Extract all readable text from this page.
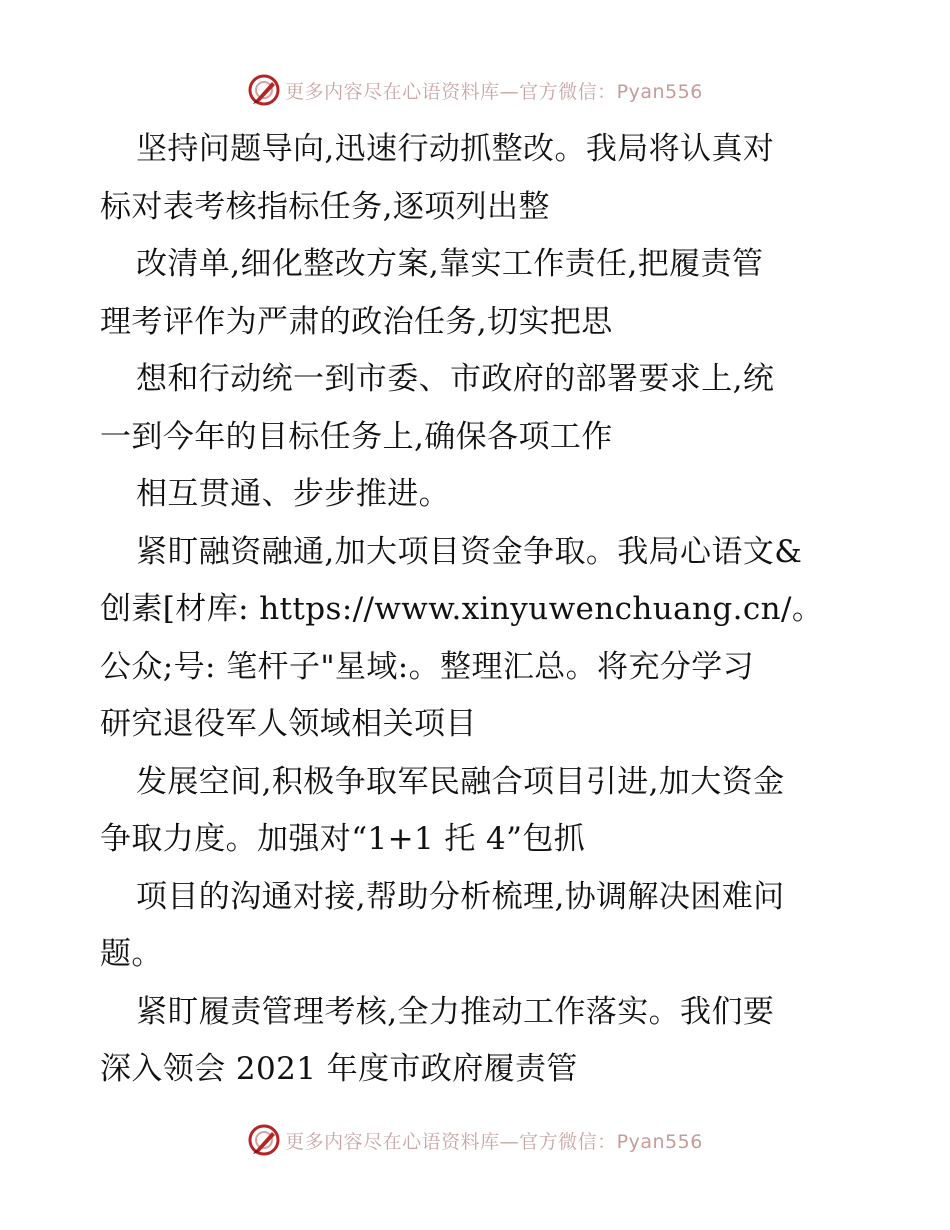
更多内容尽在心语资料库—官方微信：Pyan556
坚持问题导向,迅速行动抓整改。我局将认真对
标对表考核指标任务,逐项列出整
改清单,细化整改方案,靠实工作责任,把履责管
理考评作为严肃的政治任务,切实把思
想和行动统一到市委、市政府的部署要求上,统
一到今年的目标任务上,确保各项工作
相互贯通、步步推进。
紧盯融资融通,加大项目资金争取。我局心语文&
创素[材库: https://www.xinyuwenchuang.cn/。
公众;号: 笔杆子"星域:。整理汇总。将充分学习
研究退役军人领域相关项目
发展空间,积极争取军民融合项目引进,加大资金
争取力度。加强对“1+1 托 4”包抓
项目的沟通对接,帮助分析梳理,协调解决困难问
题。
紧盯履责管理考核,全力推动工作落实。我们要
深入领会 2021 年度市政府履责管
更多内容尽在心语资料库—官方微信：Pyan556
